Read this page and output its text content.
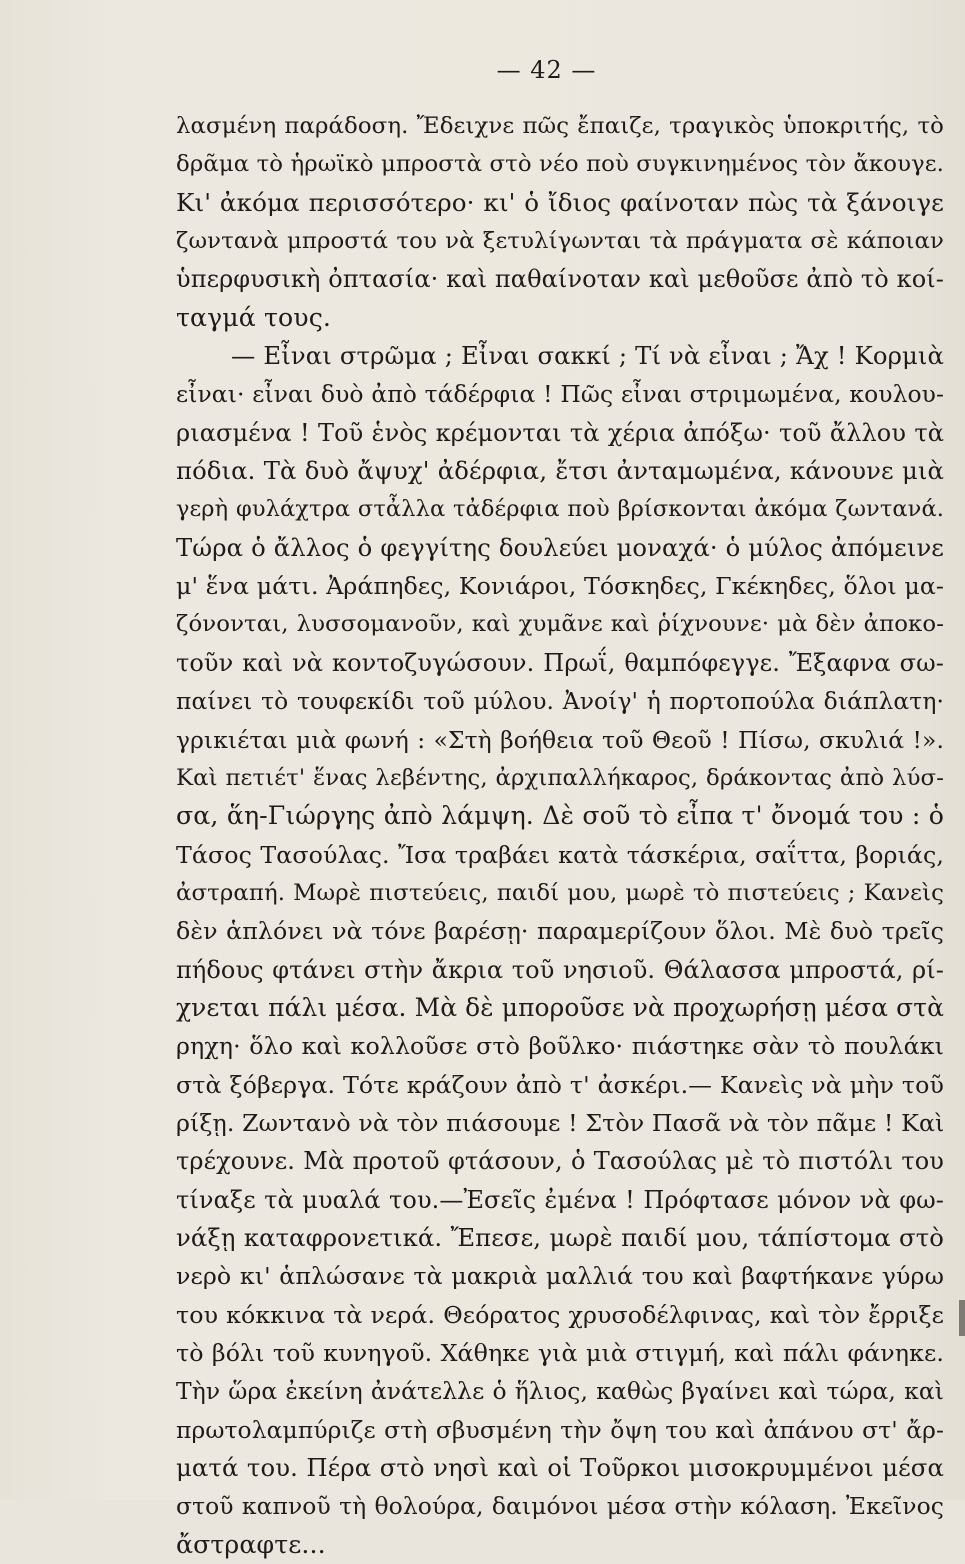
— 42 —
λασμένη παράδοση. Ἔδειχνε πῶς ἔπαιζε, τραγικὸς ὑποκριτής, τὸ
δρᾶμα τὸ ἡρωϊκὸ μπροστὰ στὸ νέο ποὺ συγκινημένος τὸν ἄκουγε.
Κι' ἀκόμα περισσότερο· κι' ὁ ἴδιος φαίνοταν πὼς τὰ ξάνοιγε
ζωντανὰ μπροστά του νὰ ξετυλίγωνται τὰ πράγματα σὲ κάποιαν
ὑπερφυσικὴ ὀπτασία· καὶ παθαίνοταν καὶ μεθοῦσε ἀπὸ τὸ κοί-
ταγμά τους.
— Εἶναι στρῶμα ; Εἶναι σακκί ; Τί νὰ εἶναι ; Ἄχ ! Κορμιὰ
εἶναι· εἶναι δυὸ ἀπὸ τάδέρφια ! Πῶς εἶναι στριμωμένα, κουλου-
ριασμένα ! Τοῦ ἑνὸς κρέμονται τὰ χέρια ἀπόξω· τοῦ ἄλλου τὰ
πόδια. Τὰ δυὸ ἄψυχ' ἀδέρφια, ἔτσι ἀνταμωμένα, κάνουνε μιὰ
γερὴ φυλάχτρα στἆλλα τἀδέρφια ποὺ βρίσκονται ἀκόμα ζωντανά.
Τώρα ὁ ἄλλος ὁ φεγγίτης δουλεύει μοναχά· ὁ μύλος ἀπόμεινε
μ' ἕνα μάτι. Ἀράπηδες, Κονιάροι, Τόσκηδες, Γκέκηδες, ὅλοι μα-
ζόνονται, λυσσομανοῦν, καὶ χυμᾶνε καὶ ῥίχνουνε· μὰ δὲν ἀποκο-
τοῦν καὶ νὰ κοντοζυγώσουν. Πρωΐ, θαμπόφεγγε. Ἔξαφνα σω-
παίνει τὸ τουφεκίδι τοῦ μύλου. Ἀνοίγ' ἡ πορτοπούλα διάπλατη·
γρικιέται μιὰ φωνή : «Στὴ βοήθεια τοῦ Θεοῦ ! Πίσω, σκυλιά !».
Καὶ πετιέτ' ἕνας λεβέντης, ἀρχιπαλλήκαρος, δράκοντας ἀπὸ λύσ-
σα, ἅη-Γιώργης ἀπὸ λάμψη. Δὲ σοῦ τὸ εἶπα τ' ὄνομά του : ὁ
Τάσος Τασούλας. Ἴσα τραβάει κατὰ τάσκέρια, σαΐττα, βοριάς,
ἀστραπή. Μωρὲ πιστεύεις, παιδί μου, μωρὲ τὸ πιστεύεις ; Κανεὶς
δὲν ἁπλόνει νὰ τόνε βαρέσῃ· παραμερίζουν ὅλοι. Μὲ δυὸ τρεῖς
πήδους φτάνει στὴν ἄκρια τοῦ νησιοῦ. Θάλασσα μπροστά, ρί-
χνεται πάλι μέσα. Μὰ δὲ μποροῦσε νὰ προχωρήσῃ μέσα στὰ
ρηχη· ὅλο καὶ κολλοῦσε στὸ βοῦλκο· πιάστηκε σὰν τὸ πουλάκι
στὰ ξόβεργα. Τότε κράζουν ἀπὸ τ' ἀσκέρι.— Κανεὶς νὰ μὴν τοῦ
ρίξῃ. Ζωντανὸ νὰ τὸν πιάσουμε ! Στὸν Πασᾶ νὰ τὸν πᾶμε ! Καὶ
τρέχουνε. Μὰ προτοῦ φτάσουν, ὁ Τασούλας μὲ τὸ πιστόλι του
τίναξε τὰ μυαλά του.—Ἐσεῖς ἐμένα ! Πρόφτασε μόνον νὰ φω-
νάξῃ καταφρονετικά. Ἔπεσε, μωρὲ παιδί μου, τάπίστομα στὸ
νερὸ κι' ἁπλώσανε τὰ μακριὰ μαλλιά του καὶ βαφτήκανε γύρω
του κόκκινα τὰ νερά. Θεόρατος χρυσοδέλφινας, καὶ τὸν ἔρριξε
τὸ βόλι τοῦ κυνηγοῦ. Χάθηκε γιὰ μιὰ στιγμή, καὶ πάλι φάνηκε.
Τὴν ὥρα ἐκείνη ἀνάτελλε ὁ ἥλιος, καθὼς βγαίνει καὶ τώρα, καὶ
πρωτολαμπύριζε στὴ σβυσμένη τὴν ὄψη του καὶ ἀπάνου στ' ἄρ-
ματά του. Πέρα στὸ νησὶ καὶ οἱ Τοῦρκοι μισοκρυμμένοι μέσα
στοῦ καπνοῦ τὴ θολούρα, δαιμόνοι μέσα στὴν κόλαση. Ἐκεῖνος
ἄστραφτε...
